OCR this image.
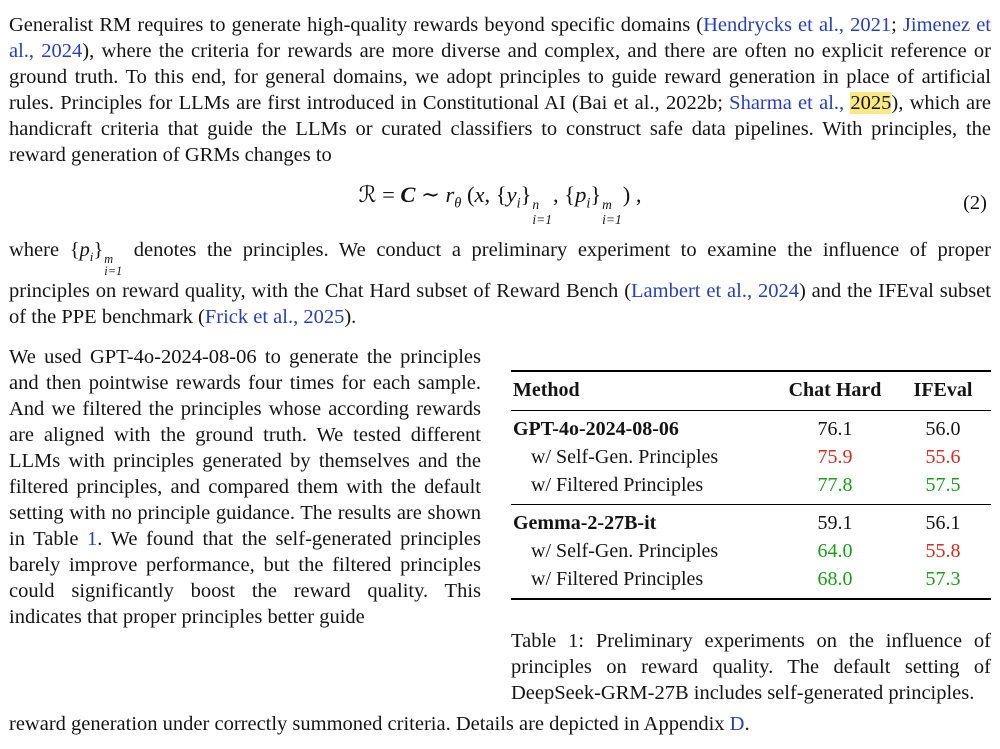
Generalist RM requires to generate high-quality rewards beyond specific domains (Hendrycks et al., 2021; Jimenez et al., 2024), where the criteria for rewards are more diverse and complex, and there are often no explicit reference or ground truth. To this end, for general domains, we adopt principles to guide reward generation in place of artificial rules. Principles for LLMs are first introduced in Constitutional AI (Bai et al., 2022b; Sharma et al., 2025), which are handicraft criteria that guide the LLMs or curated classifiers to construct safe data pipelines. With principles, the reward generation of GRMs changes to

ℛ = C ∼ $r_\theta$ (x, $\{y_i\}$ n
i=1
, $\{p_i\}$ m
i=1
) ,	(2)

where $\{p_i\}$ m
i=1
denotes the principles. We conduct a preliminary experiment to examine the influence of proper principles on reward quality, with the Chat Hard subset of Reward Bench (Lambert et al., 2024) and the IFEval subset of the PPE benchmark (Frick et al., 2025).

We used GPT-4o-2024-08-06 to generate the principles and then pointwise rewards four times for each sample. And we filtered the principles whose according rewards are aligned with the ground truth. We tested different LLMs with principles generated by themselves and the filtered principles, and compared them with the default setting with no principle guidance. The results are shown in Table 1. We found that the self-generated principles barely improve performance, but the filtered principles could significantly boost the reward quality. This indicates that proper principles better guide

Method	Chat Hard	IFEval
GPT-4o-2024-08-06	76.1	56.0
w/ Self-Gen. Principles	75.9	55.6
w/ Filtered Principles	77.8	57.5
Gemma-2-27B-it	59.1	56.1
w/ Self-Gen. Principles	64.0	55.8
w/ Filtered Principles	68.0	57.3

Table 1: Preliminary experiments on the influence of principles on reward quality. The default setting of DeepSeek-GRM-27B includes self-generated principles.

reward generation under correctly summoned criteria. Details are depicted in Appendix D.
